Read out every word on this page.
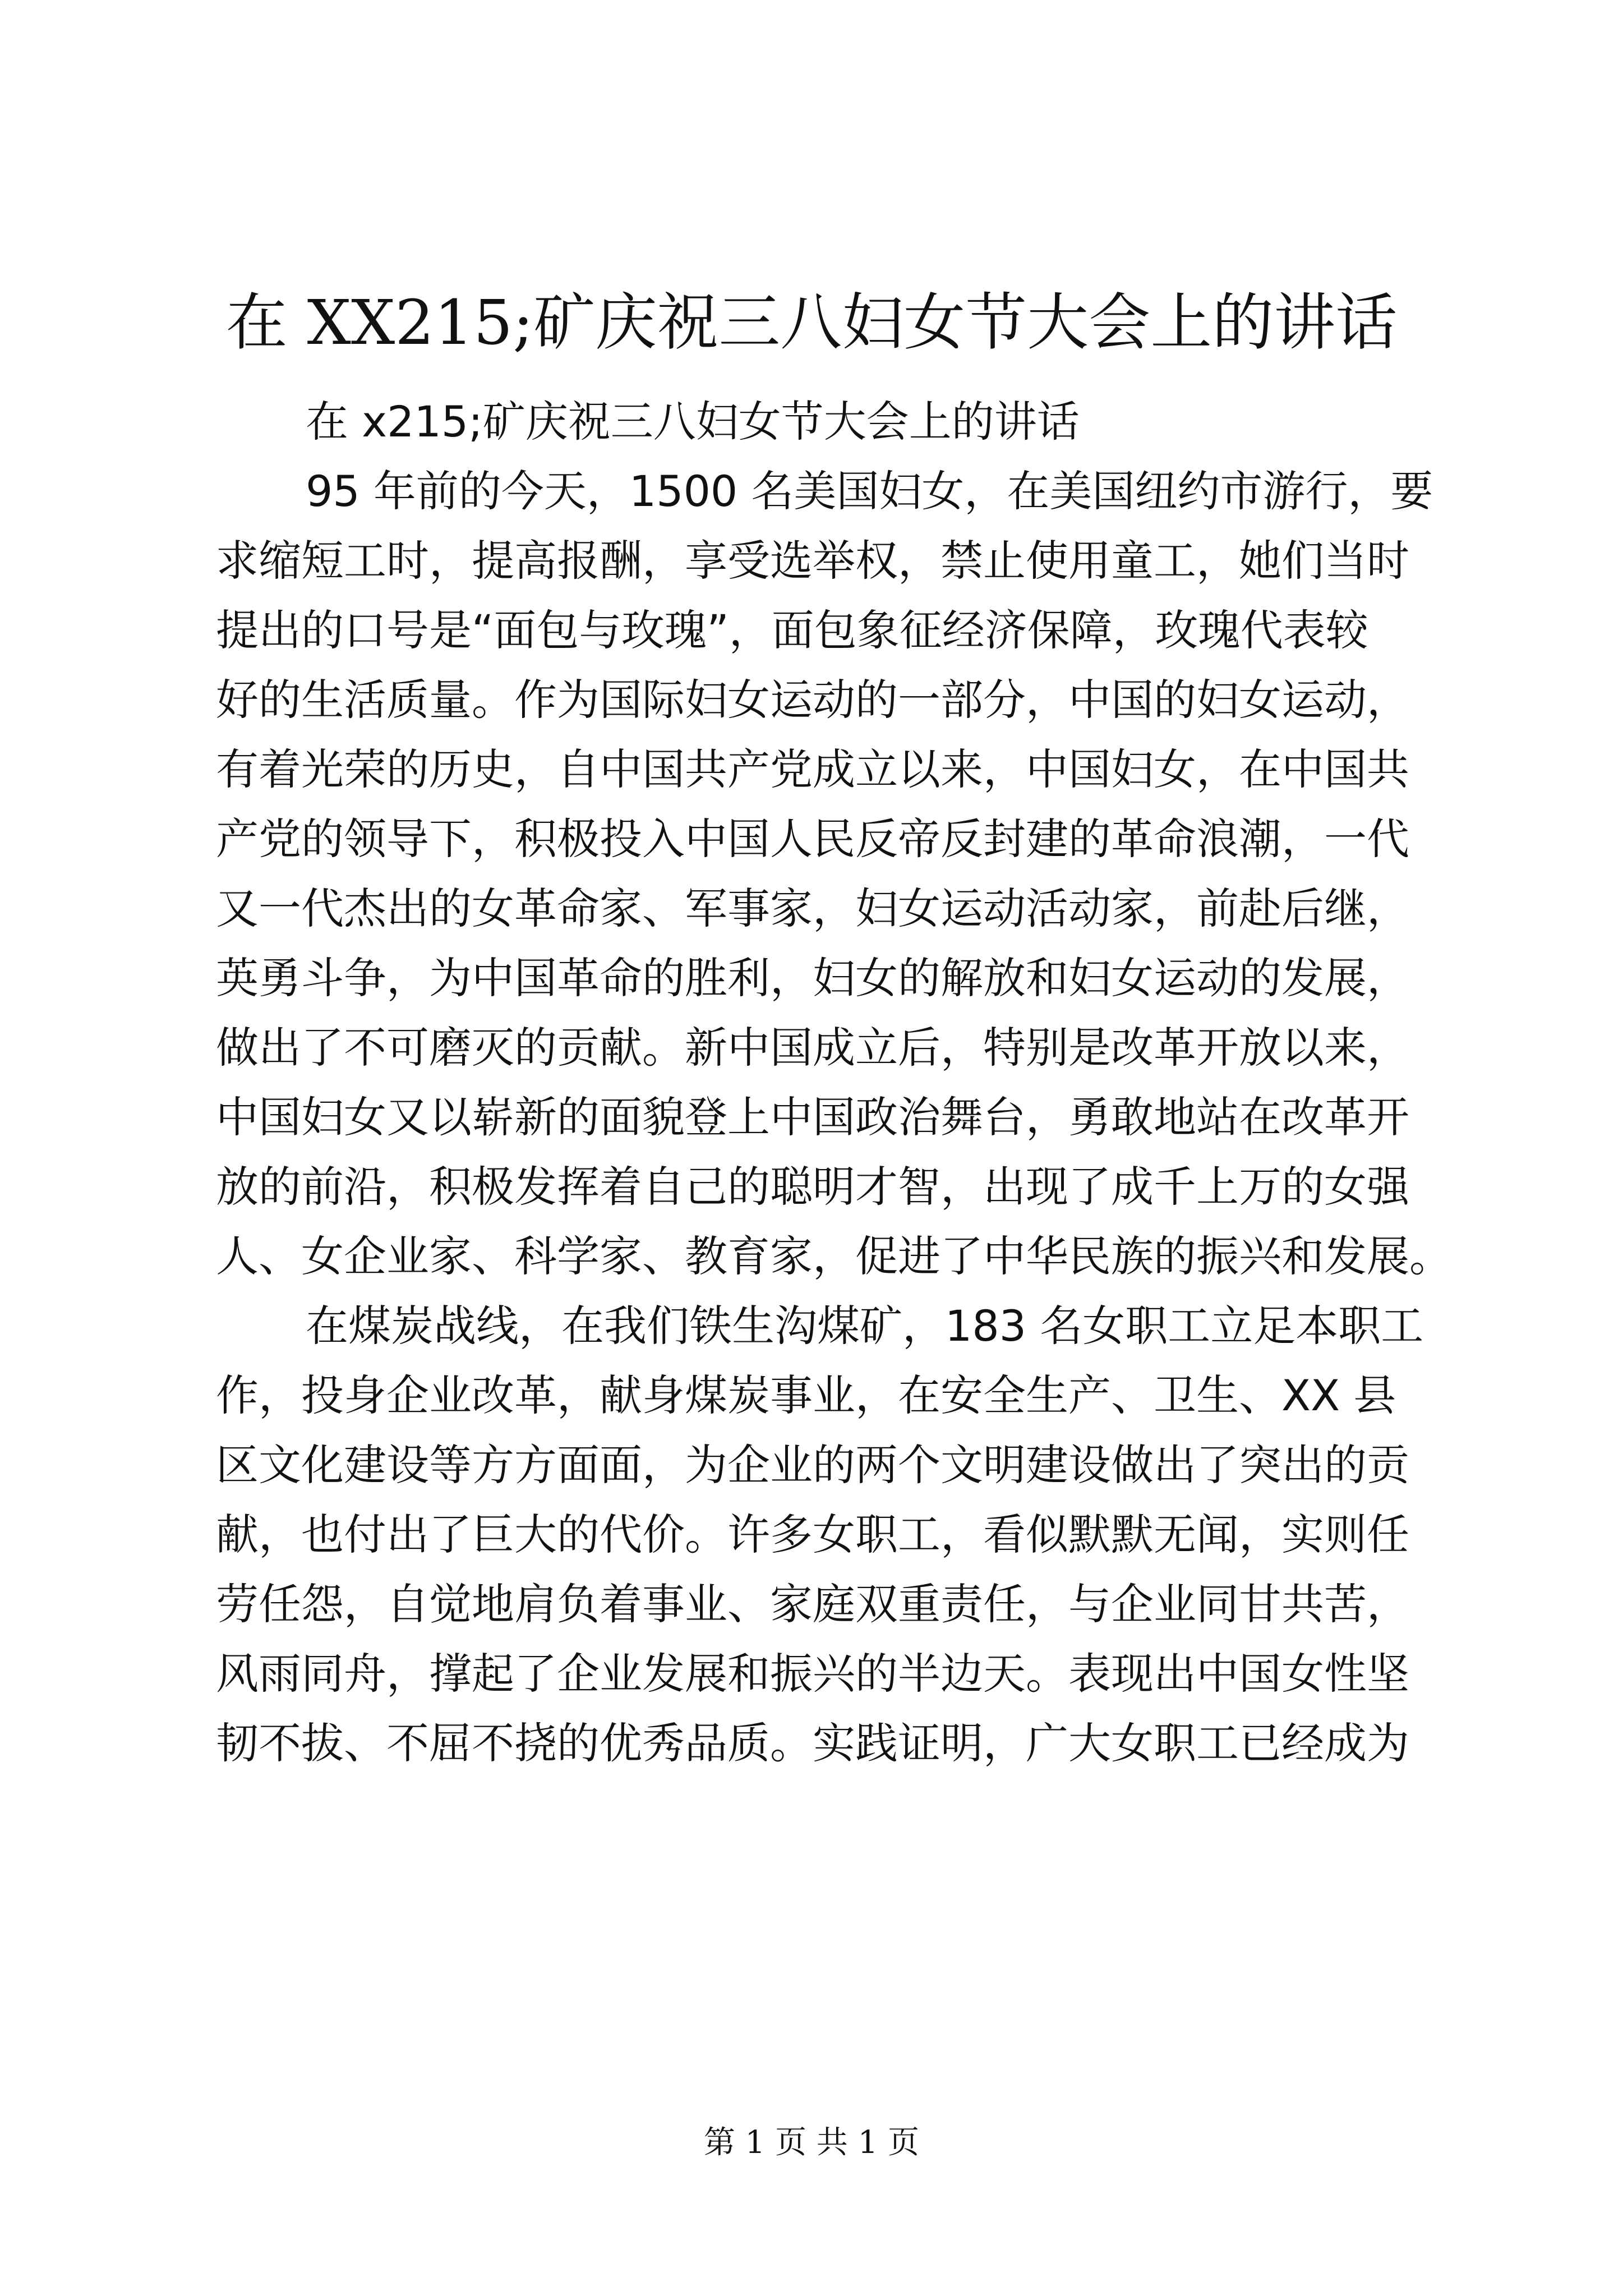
在 XX215;矿庆祝三八妇女节大会上的讲话

在 x215;矿庆祝三八妇女节大会上的讲话

95 年前的今天，1500 名美国妇女，在美国纽约市游行，要
求缩短工时，提高报酬，享受选举权，禁止使用童工，她们当时
提出的口号是“面包与玫瑰”，面包象征经济保障，玫瑰代表较
好的生活质量。作为国际妇女运动的一部分，中国的妇女运动，
有着光荣的历史，自中国共产党成立以来，中国妇女，在中国共
产党的领导下，积极投入中国人民反帝反封建的革命浪潮，一代
又一代杰出的女革命家、军事家，妇女运动活动家，前赴后继，
英勇斗争，为中国革命的胜利，妇女的解放和妇女运动的发展，
做出了不可磨灭的贡献。新中国成立后，特别是改革开放以来，
中国妇女又以崭新的面貌登上中国政治舞台，勇敢地站在改革开
放的前沿，积极发挥着自己的聪明才智，出现了成千上万的女强
人、女企业家、科学家、教育家，促进了中华民族的振兴和发展。

在煤炭战线，在我们铁生沟煤矿，183 名女职工立足本职工
作，投身企业改革，献身煤炭事业，在安全生产、卫生、XX 县
区文化建设等方方面面，为企业的两个文明建设做出了突出的贡
献，也付出了巨大的代价。许多女职工，看似默默无闻，实则任
劳任怨，自觉地肩负着事业、家庭双重责任，与企业同甘共苦，
风雨同舟，撑起了企业发展和振兴的半边天。表现出中国女性坚
韧不拔、不屈不挠的优秀品质。实践证明，广大女职工已经成为

第 1 页 共 1 页
